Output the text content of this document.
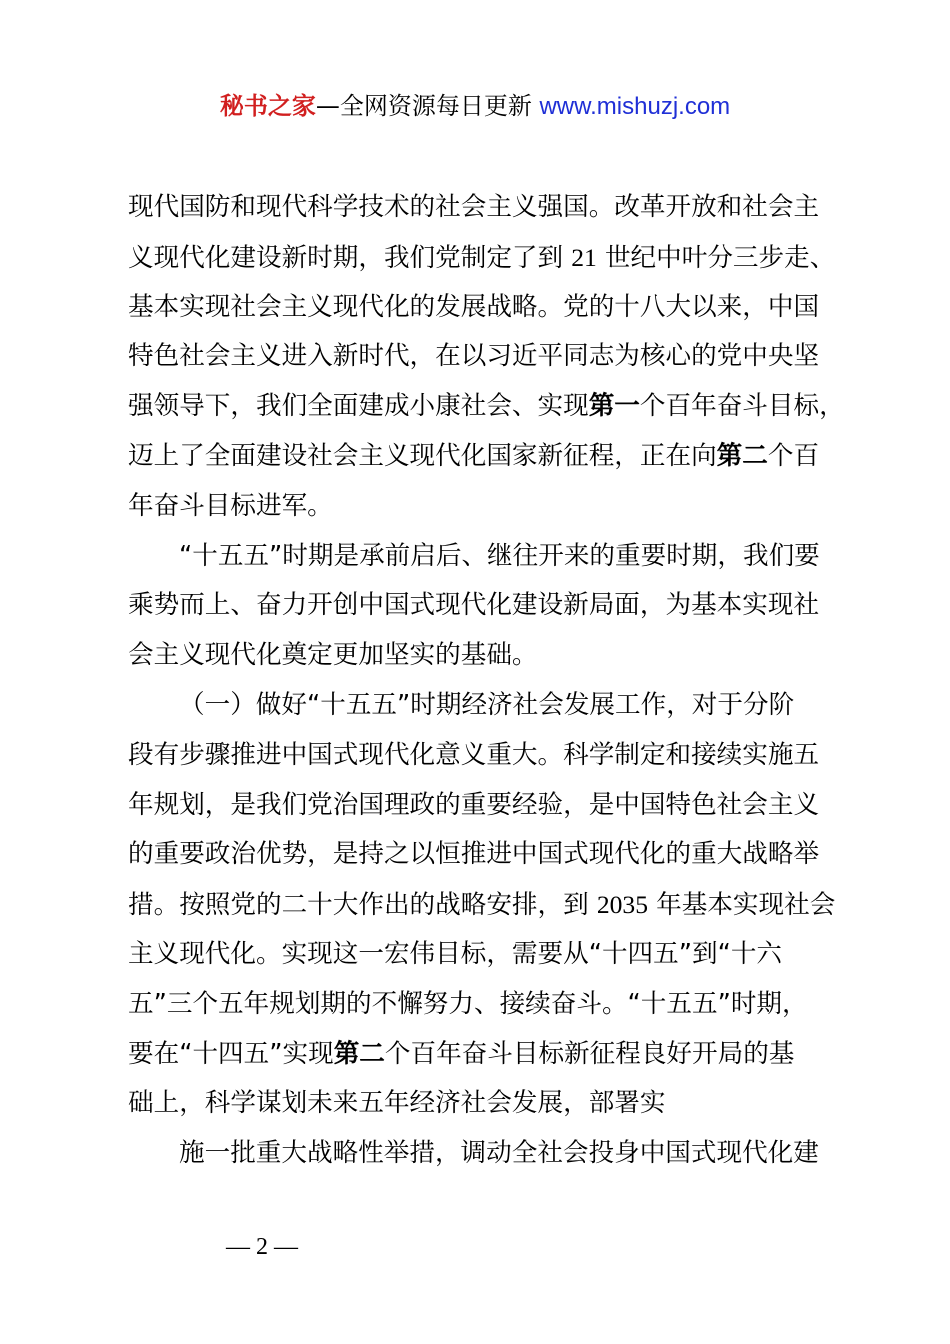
秘书之家—全网资源每日更新 www.mishuzj.com
现代国防和现代科学技术的社会主义强国。改革开放和社会主
义现代化建设新时期，我们党制定了到 21 世纪中叶分三步走、
基本实现社会主义现代化的发展战略。党的十八大以来，中国
特色社会主义进入新时代，在以习近平同志为核心的党中央坚
强领导下，我们全面建成小康社会、实现第一个百年奋斗目标，
迈上了全面建设社会主义现代化国家新征程，正在向第二个百
年奋斗目标进军。
“十五五”时期是承前启后、继往开来的重要时期，我们要
乘势而上、奋力开创中国式现代化建设新局面，为基本实现社
会主义现代化奠定更加坚实的基础。
（一）做好“十五五”时期经济社会发展工作，对于分阶
段有步骤推进中国式现代化意义重大。科学制定和接续实施五
年规划，是我们党治国理政的重要经验，是中国特色社会主义
的重要政治优势，是持之以恒推进中国式现代化的重大战略举
措。按照党的二十大作出的战略安排，到 2035 年基本实现社会
主义现代化。实现这一宏伟目标，需要从“十四五”到“十六
五”三个五年规划期的不懈努力、接续奋斗。“十五五”时期，
要在“十四五”实现第二个百年奋斗目标新征程良好开局的基
础上，科学谋划未来五年经济社会发展，部署实
施一批重大战略性举措，调动全社会投身中国式现代化建
— 2 —
